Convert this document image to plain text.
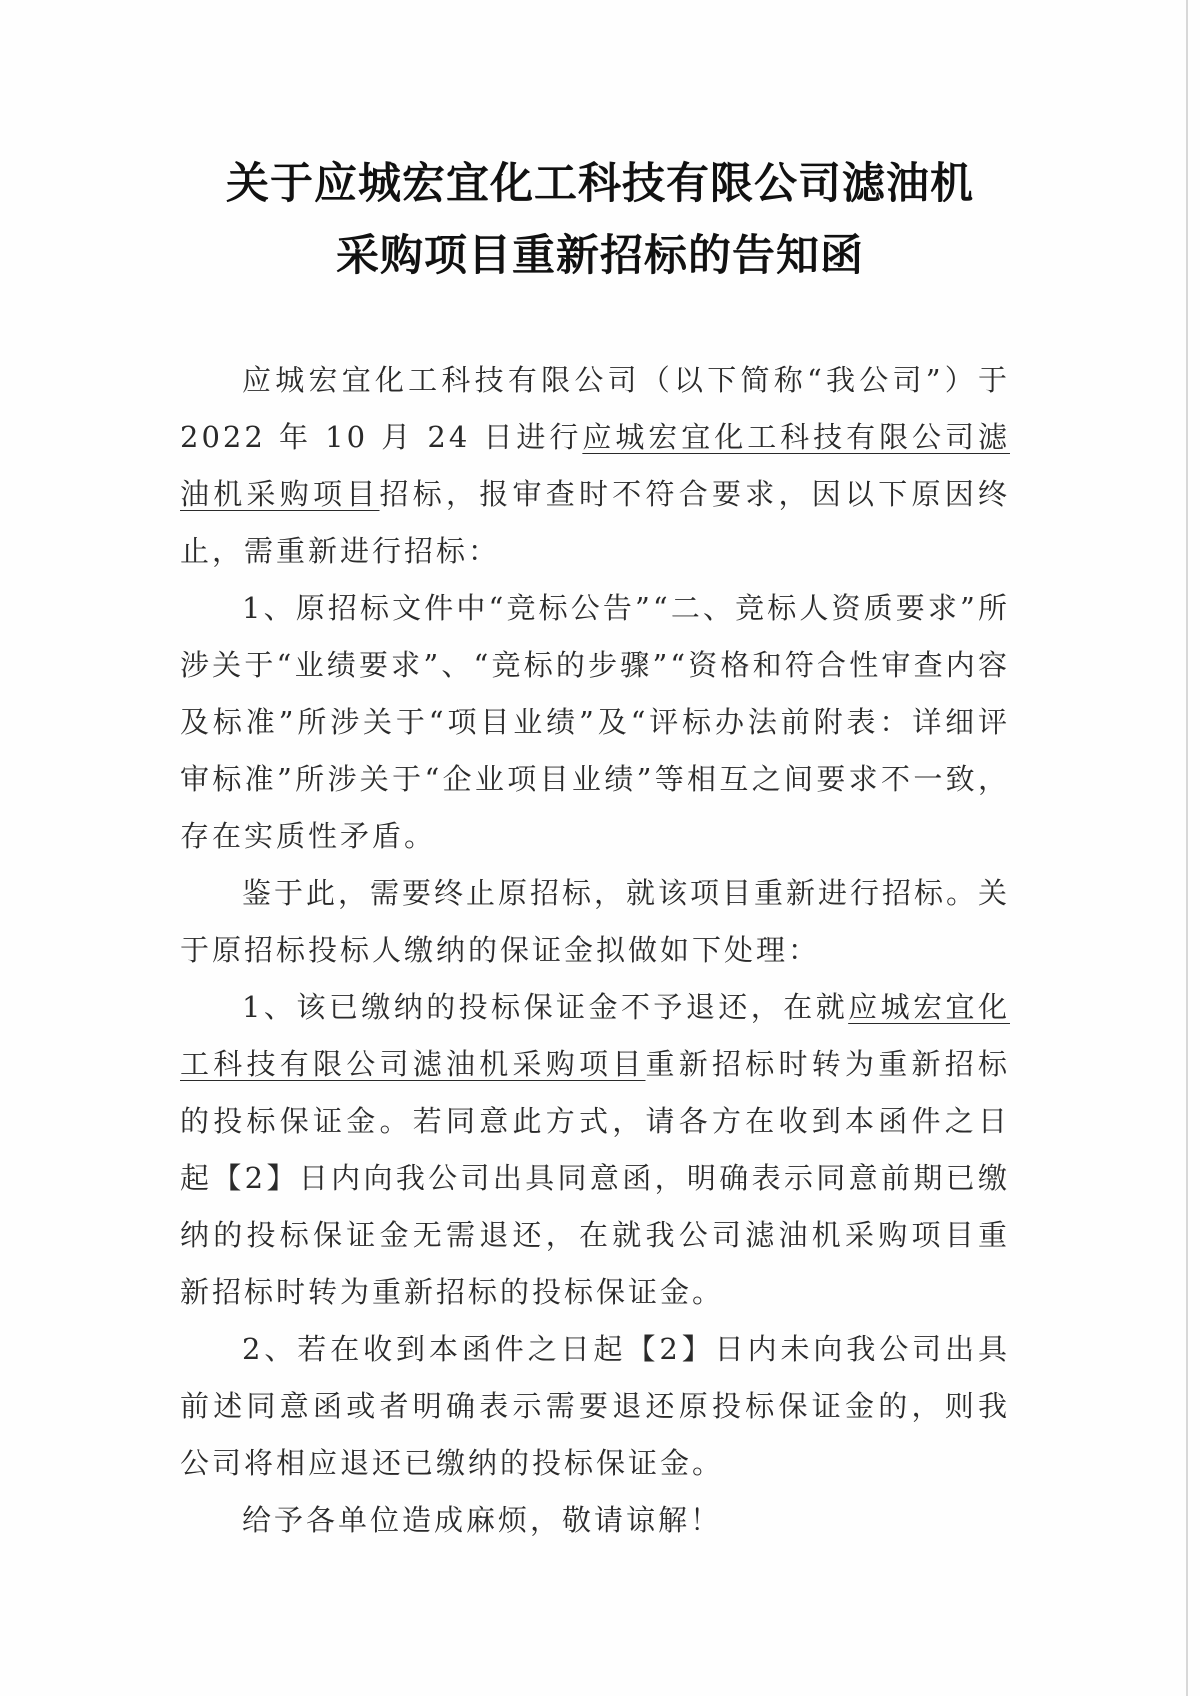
关于应城宏宜化工科技有限公司滤油机
采购项目重新招标的告知函

应城宏宜化工科技有限公司（以下简称“我公司”）于 2022 年 10 月 24 日进行应城宏宜化工科技有限公司滤油机采购项目招标，报审查时不符合要求，因以下原因终止，需重新进行招标：

1、原招标文件中“竞标公告”“二、竞标人资质要求”所涉关于“业绩要求”、“竞标的步骤”“资格和符合性审查内容及标准”所涉关于“项目业绩”及“评标办法前附表：详细评审标准”所涉关于“企业项目业绩”等相互之间要求不一致，存在实质性矛盾。

鉴于此，需要终止原招标，就该项目重新进行招标。关于原招标投标人缴纳的保证金拟做如下处理：

1、该已缴纳的投标保证金不予退还，在就应城宏宜化工科技有限公司滤油机采购项目重新招标时转为重新招标的投标保证金。若同意此方式，请各方在收到本函件之日起【2】日内向我公司出具同意函，明确表示同意前期已缴纳的投标保证金无需退还，在就我公司滤油机采购项目重新招标时转为重新招标的投标保证金。

2、若在收到本函件之日起【2】日内未向我公司出具前述同意函或者明确表示需要退还原投标保证金的，则我公司将相应退还已缴纳的投标保证金。

给予各单位造成麻烦，敬请谅解！
